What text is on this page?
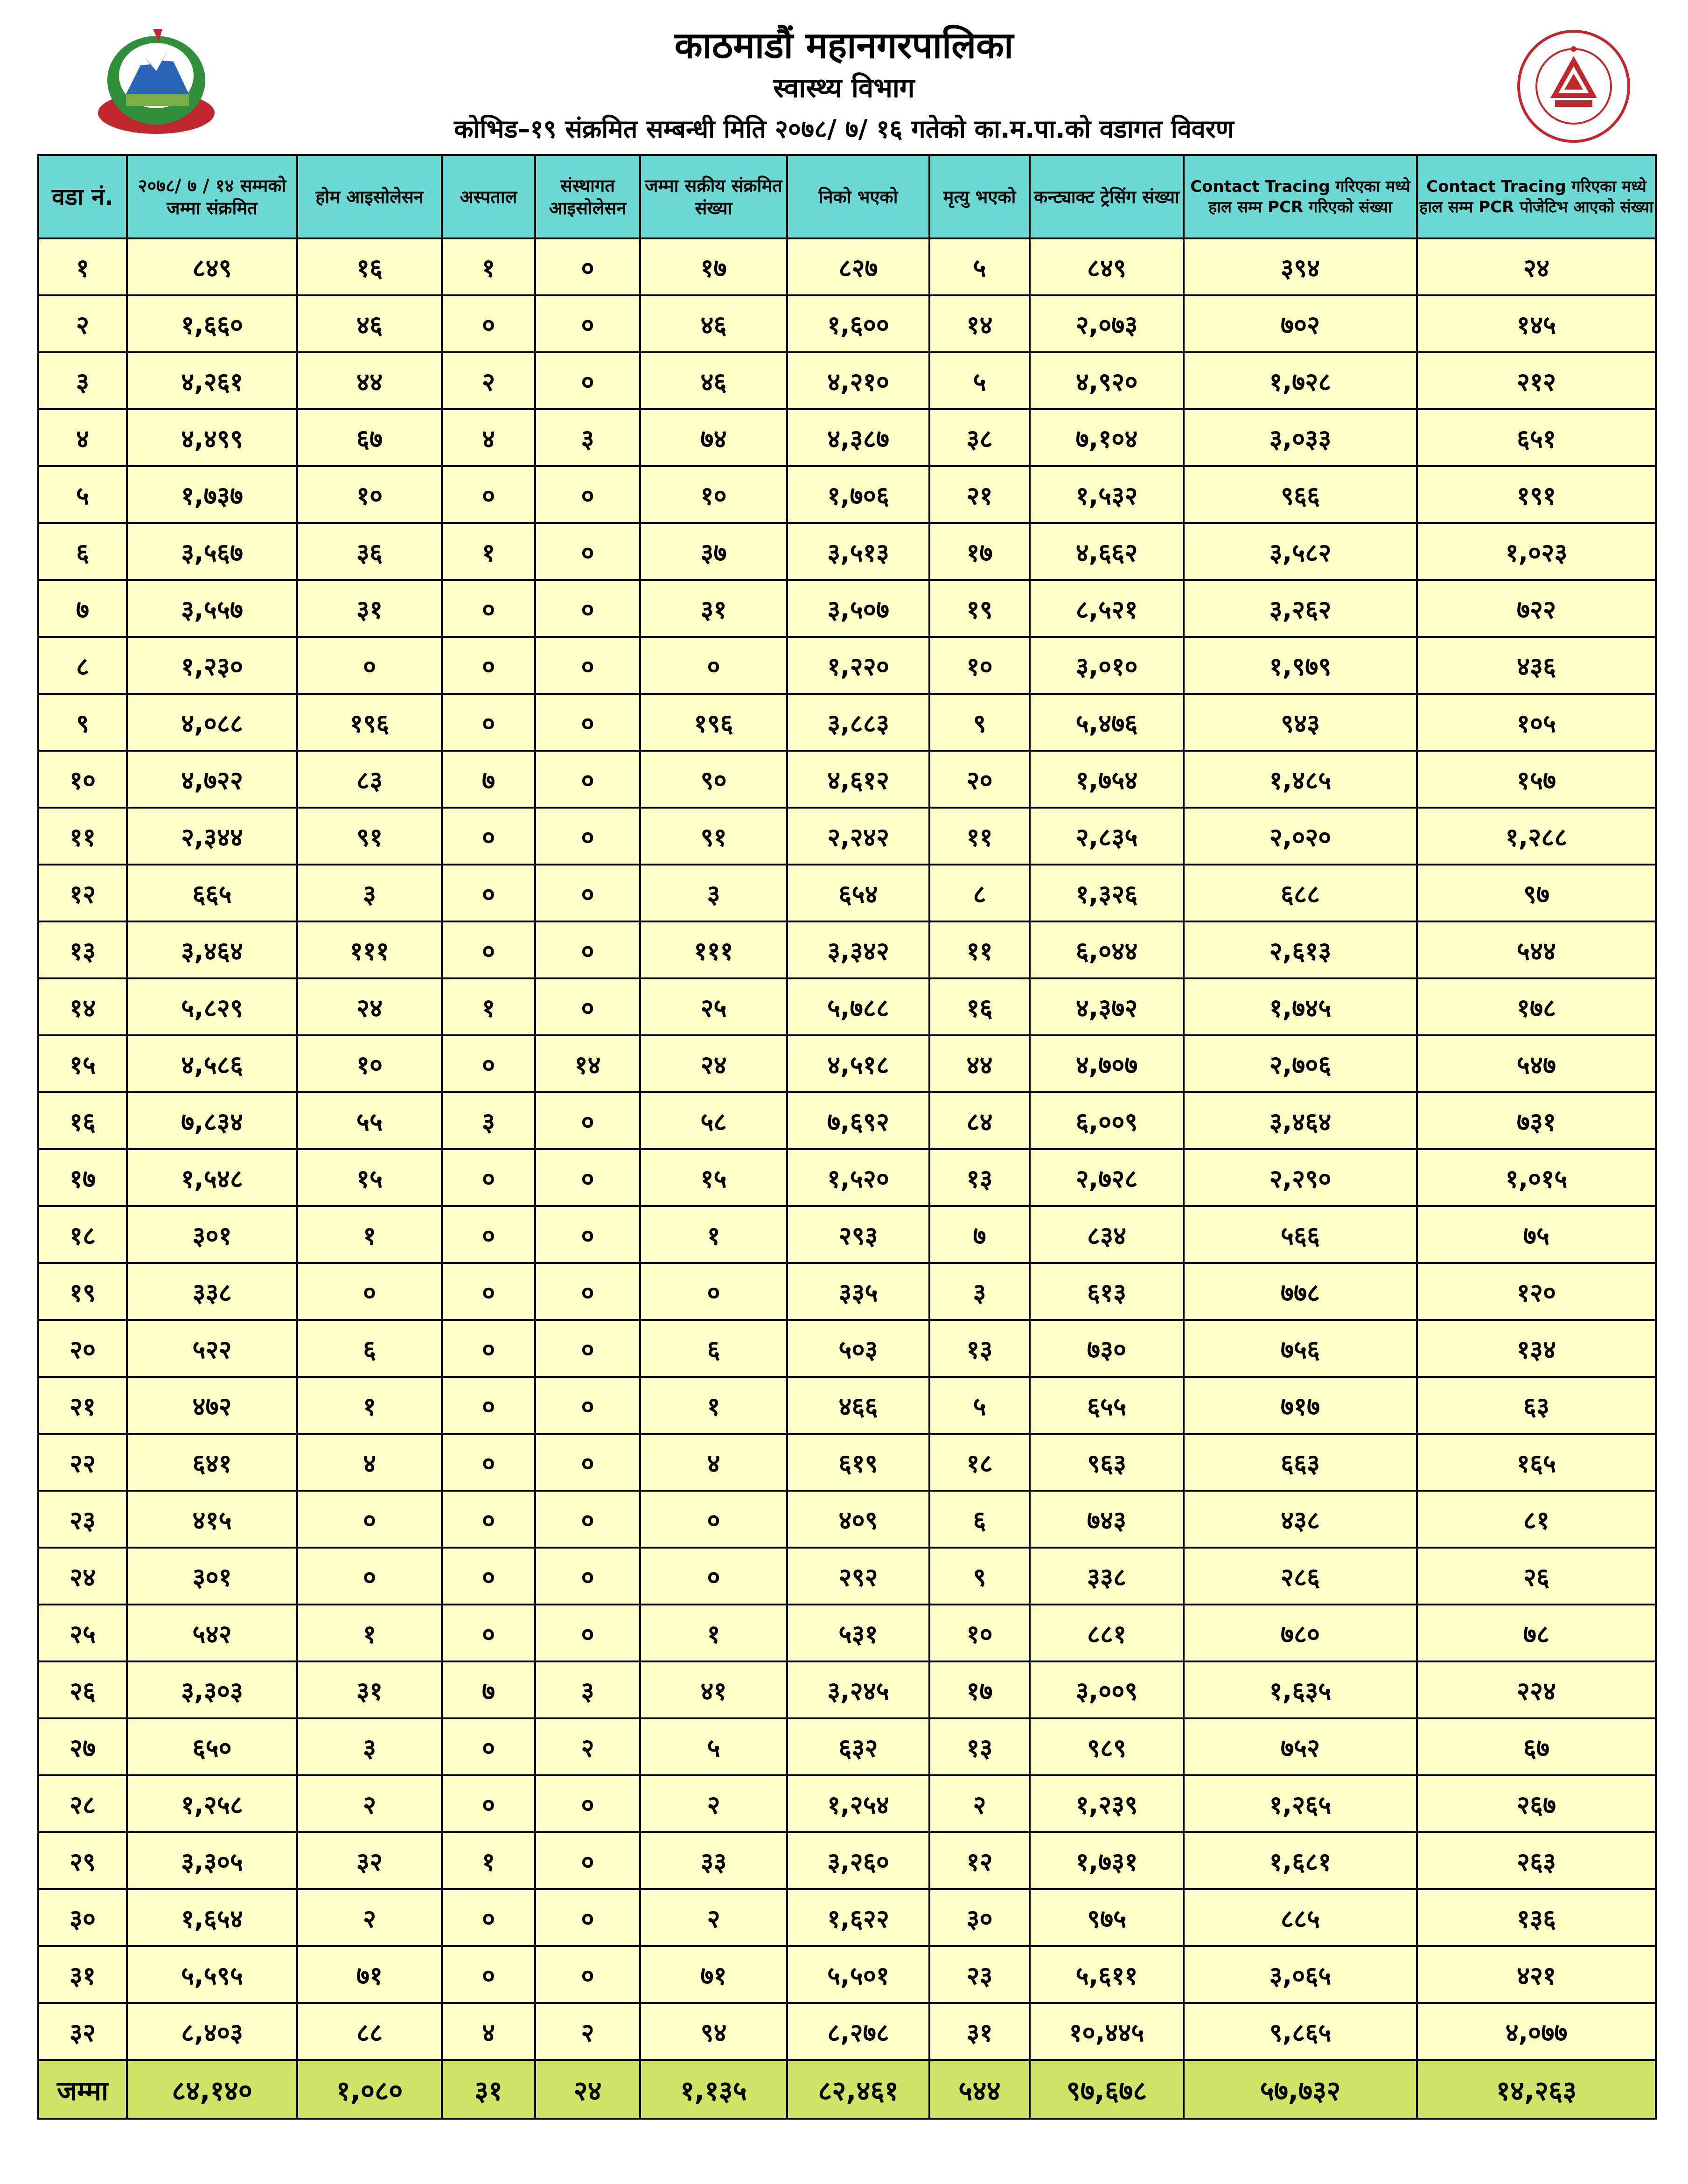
काठमाडौं महानगरपालिका
स्वास्थ्य विभाग
कोभिड–१९ संक्रमित सम्बन्धी मिति २०७८/ ७/ १६ गतेको का.म.पा.को वडागत विवरण
वडा नं.	२०७८/ ७ / १४ सम्मको जम्मा संक्रमित	होम आइसोलेसन	अस्पताल	संस्थागत आइसोलेसन	जम्मा सक्रीय संक्रमित संख्या	निको भएको	मृत्यु भएको	कन्ट्याक्ट ट्रेसिंग संख्या	Contact Tracing गरिएका मध्ये हाल सम्म PCR गरिएको संख्या	Contact Tracing गरिएका मध्ये हाल सम्म PCR पोजेटिभ आएको संख्या
१	८४९	१६	१	०	१७	८२७	५	८४९	३९४	२४
२	१,६६०	४६	०	०	४६	१,६००	१४	२,०७३	७०२	१४५
३	४,२६१	४४	२	०	४६	४,२१०	५	४,९२०	१,७२८	२१२
४	४,४९९	६७	४	३	७४	४,३८७	३८	७,१०४	३,०३३	६५१
५	१,७३७	१०	०	०	१०	१,७०६	२१	१,५३२	९६६	१९१
६	३,५६७	३६	१	०	३७	३,५१३	१७	४,६६२	३,५८२	१,०२३
७	३,५५७	३१	०	०	३१	३,५०७	१९	८,५२१	३,२६२	७२२
८	१,२३०	०	०	०	०	१,२२०	१०	३,०१०	१,९७९	४३६
९	४,०८८	१९६	०	०	१९६	३,८८३	९	५,४७६	९४३	१०५
१०	४,७२२	८३	७	०	९०	४,६१२	२०	१,७५४	१,४८५	१५७
११	२,३४४	९१	०	०	९१	२,२४२	११	२,८३५	२,०२०	१,२८८
१२	६६५	३	०	०	३	६५४	८	१,३२६	६८८	९७
१३	३,४६४	१११	०	०	१११	३,३४२	११	६,०४४	२,६१३	५४४
१४	५,८२९	२४	१	०	२५	५,७८८	१६	४,३७२	१,७४५	१७८
१५	४,५८६	१०	०	१४	२४	४,५१८	४४	४,७०७	२,७०६	५४७
१६	७,८३४	५५	३	०	५८	७,६९२	८४	६,००९	३,४६४	७३१
१७	१,५४८	१५	०	०	१५	१,५२०	१३	२,७२८	२,२९०	१,०१५
१८	३०१	१	०	०	१	२९३	७	८३४	५६६	७५
१९	३३८	०	०	०	०	३३५	३	६१३	७७८	१२०
२०	५२२	६	०	०	६	५०३	१३	७३०	७५६	१३४
२१	४७२	१	०	०	१	४६६	५	६५५	७१७	६३
२२	६४१	४	०	०	४	६१९	१८	९६३	६६३	१६५
२३	४१५	०	०	०	०	४०९	६	७४३	४३८	८१
२४	३०१	०	०	०	०	२९२	९	३३८	२८६	२६
२५	५४२	१	०	०	१	५३१	१०	८८१	७८०	७८
२६	३,३०३	३१	७	३	४१	३,२४५	१७	३,००९	१,६३५	२२४
२७	६५०	३	०	२	५	६३२	१३	९८९	७५२	६७
२८	१,२५८	२	०	०	२	१,२५४	२	१,२३९	१,२६५	२६७
२९	३,३०५	३२	१	०	३३	३,२६०	१२	१,७३१	१,६८१	२६३
३०	१,६५४	२	०	०	२	१,६२२	३०	९७५	८८५	१३६
३१	५,५९५	७१	०	०	७१	५,५०१	२३	५,६११	३,०६५	४२१
३२	८,४०३	८८	४	२	९४	८,२७८	३१	१०,४४५	९,८६५	४,०७७
जम्मा	८४,१४०	१,०८०	३१	२४	१,१३५	८२,४६१	५४४	९७,६७८	५७,७३२	१४,२६३
